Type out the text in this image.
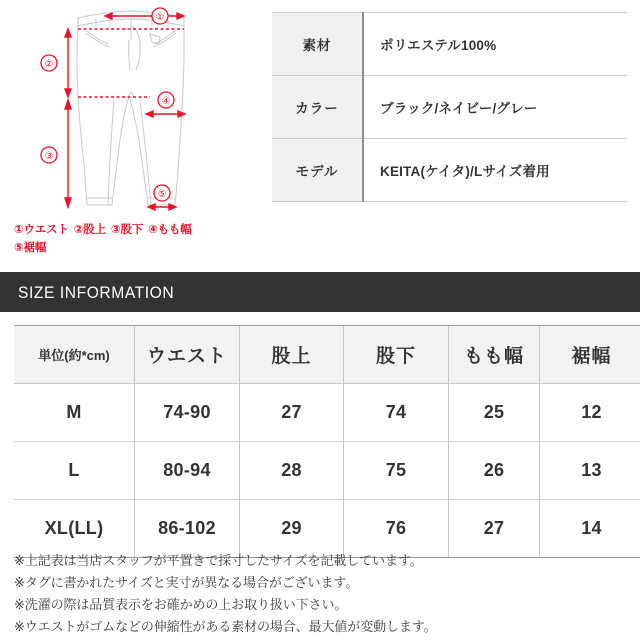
①
②
③
④
⑤
①ウエスト ②股上 ③股下 ④もも幅
⑤裾幅
素材	ポリエステル100%
カラー	ブラック/ネイビー/グレー
モデル	KEITA(ケイタ)/Lサイズ着用
SIZE INFORMATION
単位(約*cm)	ウエスト	股上	股下	もも幅	裾幅
M	74-90	27	74	25	12
L	80-94	28	75	26	13
XL(LL)	86-102	29	76	27	14
※上記表は当店スタッフが平置きで採寸したサイズを記載しています。
※タグに書かれたサイズと実寸が異なる場合がございます。
※洗濯の際は品質表示をお確かめの上お取り扱い下さい。
※ウエストがゴムなどの伸縮性がある素材の場合、最大値が変動します。
